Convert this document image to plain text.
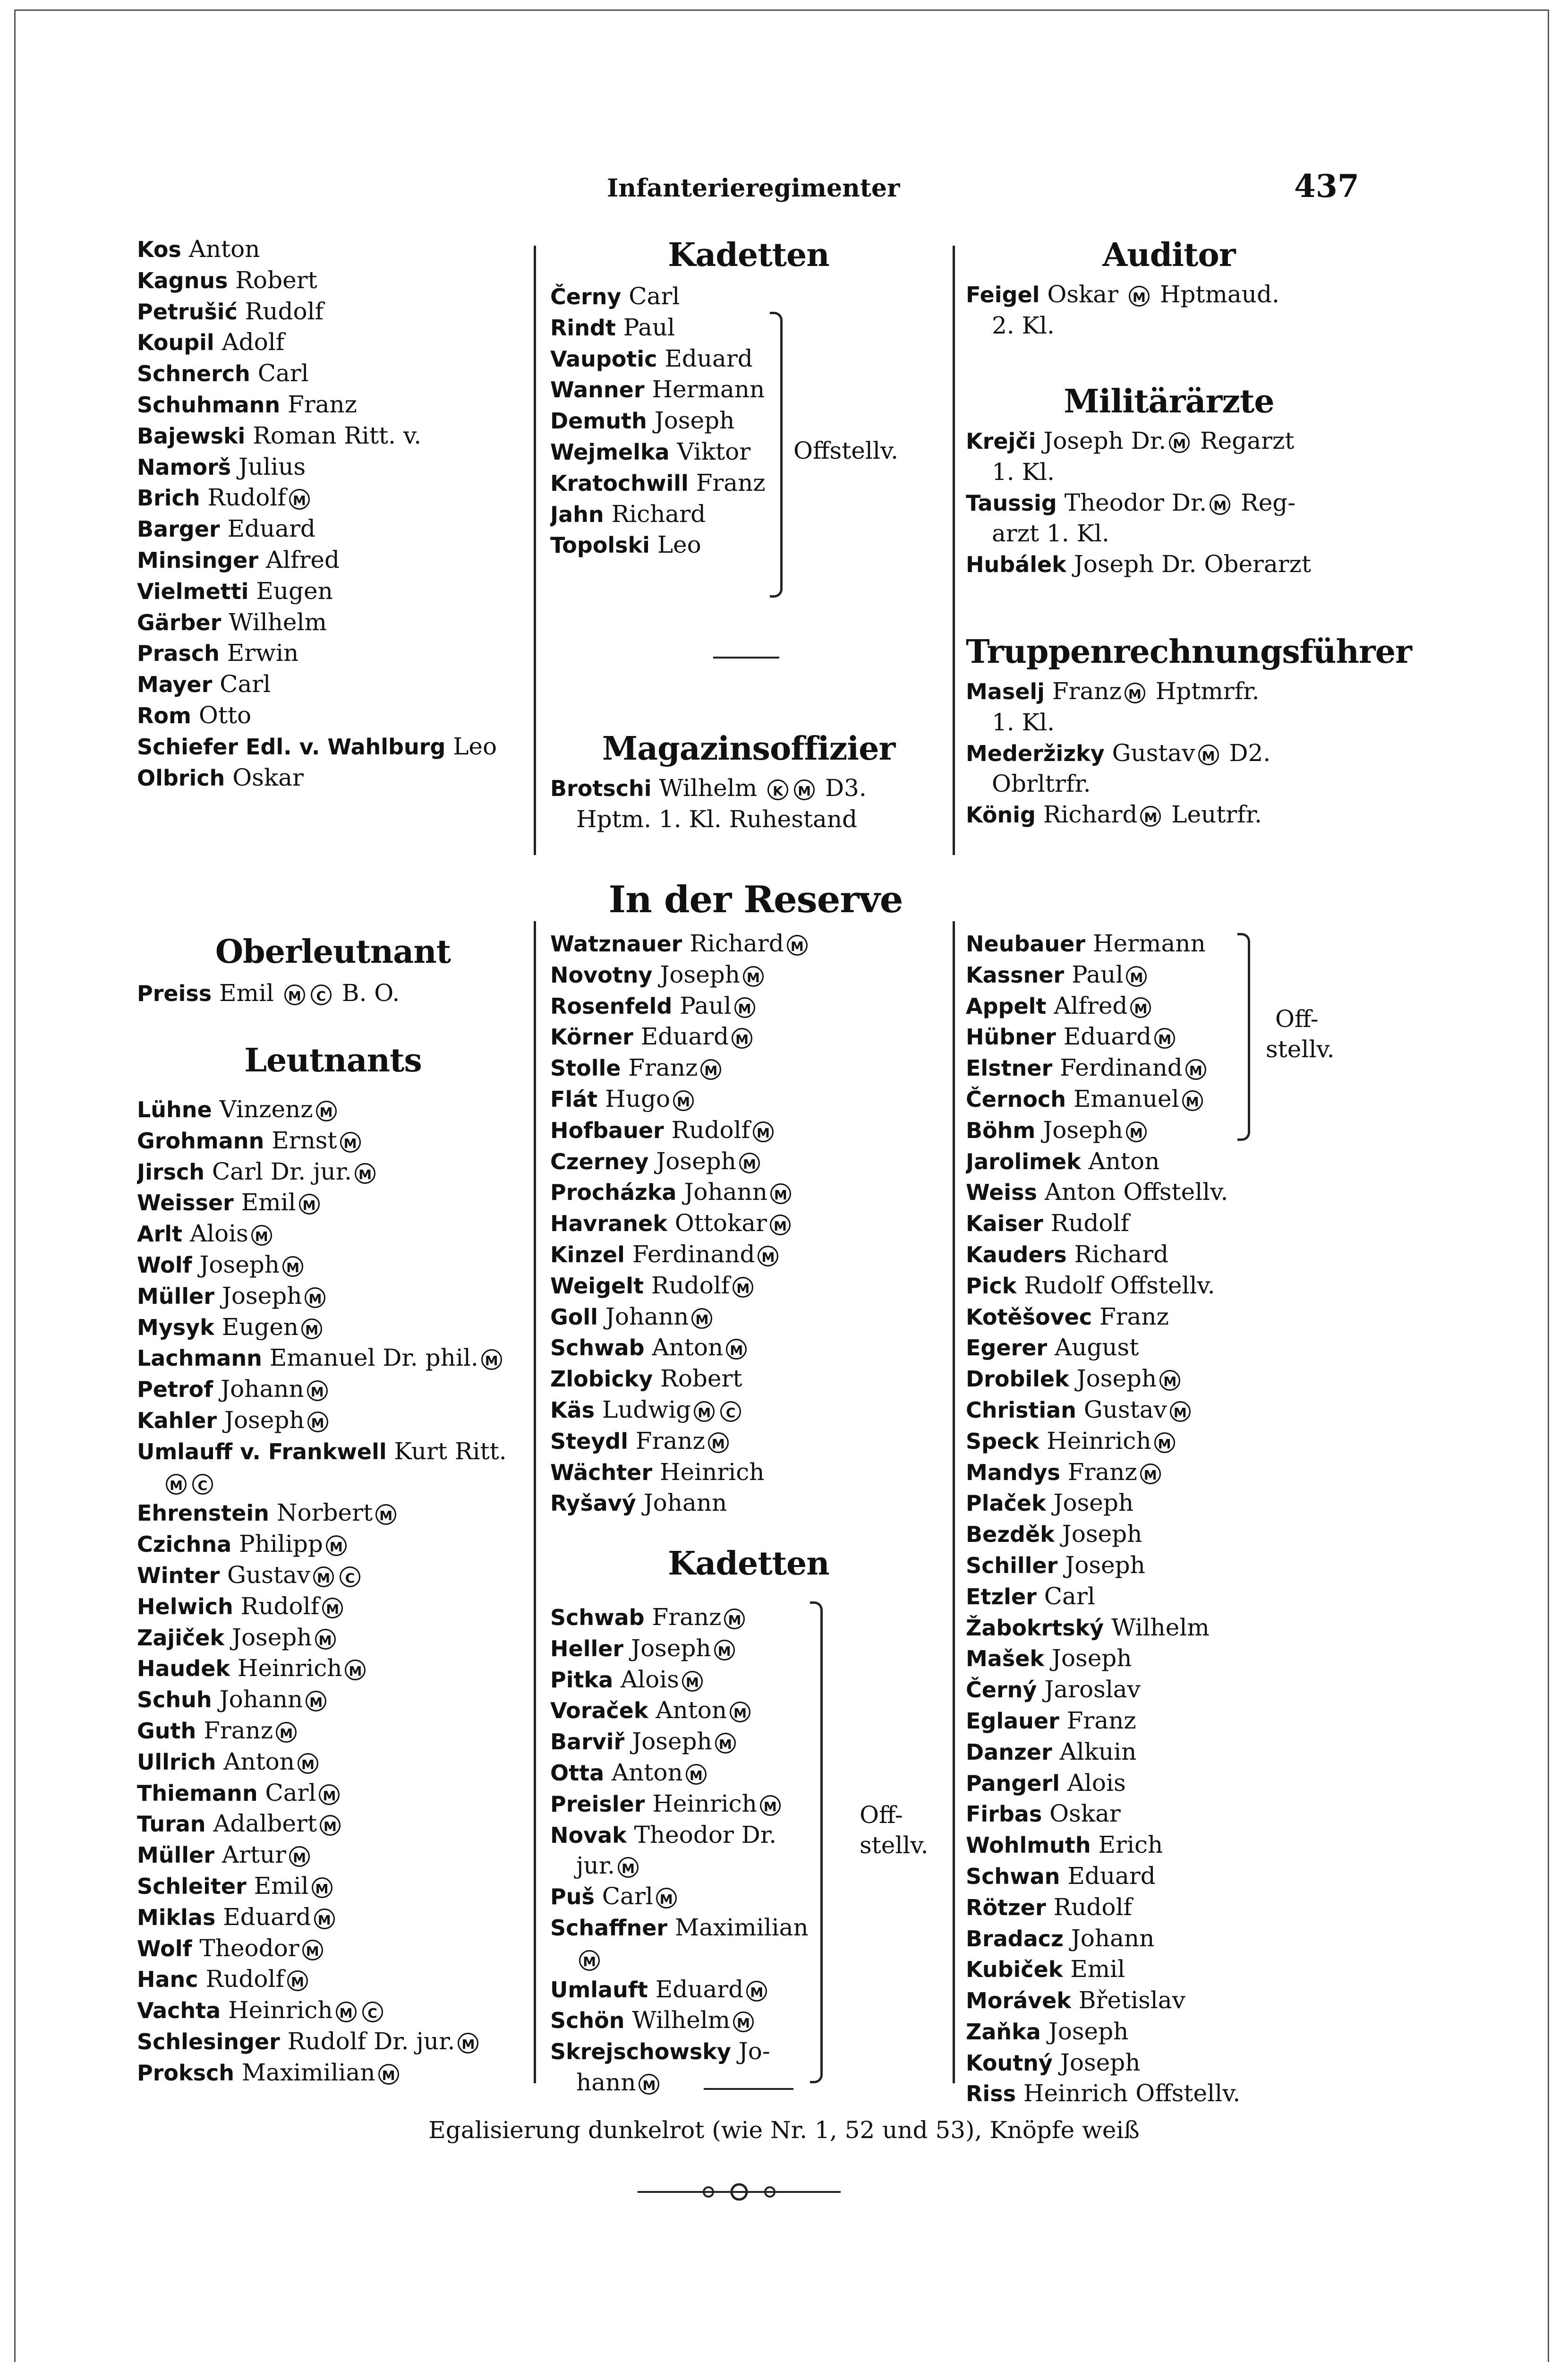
Infanterieregimenter	437
Kos Anton
Kagnus Robert
Petrušić Rudolf
Koupil Adolf
Schnerch Carl
Schuhmann Franz
Bajewski Roman Ritt. v.
Namorš Julius
Brich Rudolf M
Barger Eduard
Minsinger Alfred
Vielmetti Eugen
Gärber Wilhelm
Prasch Erwin
Mayer Carl
Rom Otto
Schiefer Edl. v. Wahlburg Leo
Olbrich Oskar
Oberleutnant
Preiss Emil M C B. O.
Leutnants
Lühne Vinzenz M
Grohmann Ernst M
Jirsch Carl Dr. jur. M
Weisser Emil M
Arlt Alois M
Wolf Joseph M
Müller Joseph M
Mysyk Eugen M
Lachmann Emanuel Dr. phil. M
Petrof Johann M
Kahler Joseph M
Umlauff v. Frankwell Kurt Ritt.
M C
Ehrenstein Norbert M
Czichna Philipp M
Winter Gustav M C
Helwich Rudolf M
Zajiček Joseph M
Haudek Heinrich M
Schuh Johann M
Guth Franz M
Ullrich Anton M
Thiemann Carl M
Turan Adalbert M
Müller Artur M
Schleiter Emil M
Miklas Eduard M
Wolf Theodor M
Hanc Rudolf M
Vachta Heinrich M C
Schlesinger Rudolf Dr. jur. M
Proksch Maximilian M
Kadetten
Černy Carl
Rindt Paul
Vaupotic Eduard
Wanner Hermann
Demuth Joseph
Wejmelka Viktor
Kratochwill Franz
Jahn Richard
Topolski Leo
Offstellv.
Magazinsoffizier
Brotschi Wilhelm K M D3.
Hptm. 1. Kl. Ruhestand
Auditor
Feigel Oskar M Hptmaud.
2. Kl.
Militärärzte
Krejči Joseph Dr. M Regarzt
1. Kl.
Taussig Theodor Dr. M Reg-
arzt 1. Kl.
Hubálek Joseph Dr. Oberarzt
Truppenrechnungsführer
Maselj Franz M Hptmrfr.
1. Kl.
Mederžizky Gustav M D2.
Obrltrfr.
König Richard M Leutrfr.
In der Reserve
Watznauer Richard M
Novotny Joseph M
Rosenfeld Paul M
Körner Eduard M
Stolle Franz M
Flát Hugo M
Hofbauer Rudolf M
Czerney Joseph M
Procházka Johann M
Havranek Ottokar M
Kinzel Ferdinand M
Weigelt Rudolf M
Goll Johann M
Schwab Anton M
Zlobicky Robert
Käs Ludwig M C
Steydl Franz M
Wächter Heinrich
Ryšavý Johann
Kadetten
Schwab Franz M
Heller Joseph M
Pitka Alois M
Voraček Anton M
Barviř Joseph M
Otta Anton M
Preisler Heinrich M
Novak Theodor Dr.
jur. M
Puš Carl M
Schaffner Maximilian
M
Umlauft Eduard M
Schön Wilhelm M
Skrejschowsky Jo-
hann M
Off-
stellv.
Neubauer Hermann
Kassner Paul M
Appelt Alfred M
Hübner Eduard M
Elstner Ferdinand M
Černoch Emanuel M
Böhm Joseph M
Jarolimek Anton
Weiss Anton Offstellv.
Kaiser Rudolf
Kauders Richard
Pick Rudolf Offstellv.
Kotěšovec Franz
Egerer August
Drobilek Joseph M
Christian Gustav M
Speck Heinrich M
Mandys Franz M
Plaček Joseph
Bezděk Joseph
Schiller Joseph
Etzler Carl
Žabokrtský Wilhelm
Mašek Joseph
Černý Jaroslav
Eglauer Franz
Danzer Alkuin
Pangerl Alois
Firbas Oskar
Wohlmuth Erich
Schwan Eduard
Rötzer Rudolf
Bradacz Johann
Kubiček Emil
Morávek Břetislav
Zaňka Joseph
Koutný Joseph
Riss Heinrich Offstellv.
Off-
stellv.
Egalisierung dunkelrot (wie Nr. 1, 52 und 53), Knöpfe weiß
